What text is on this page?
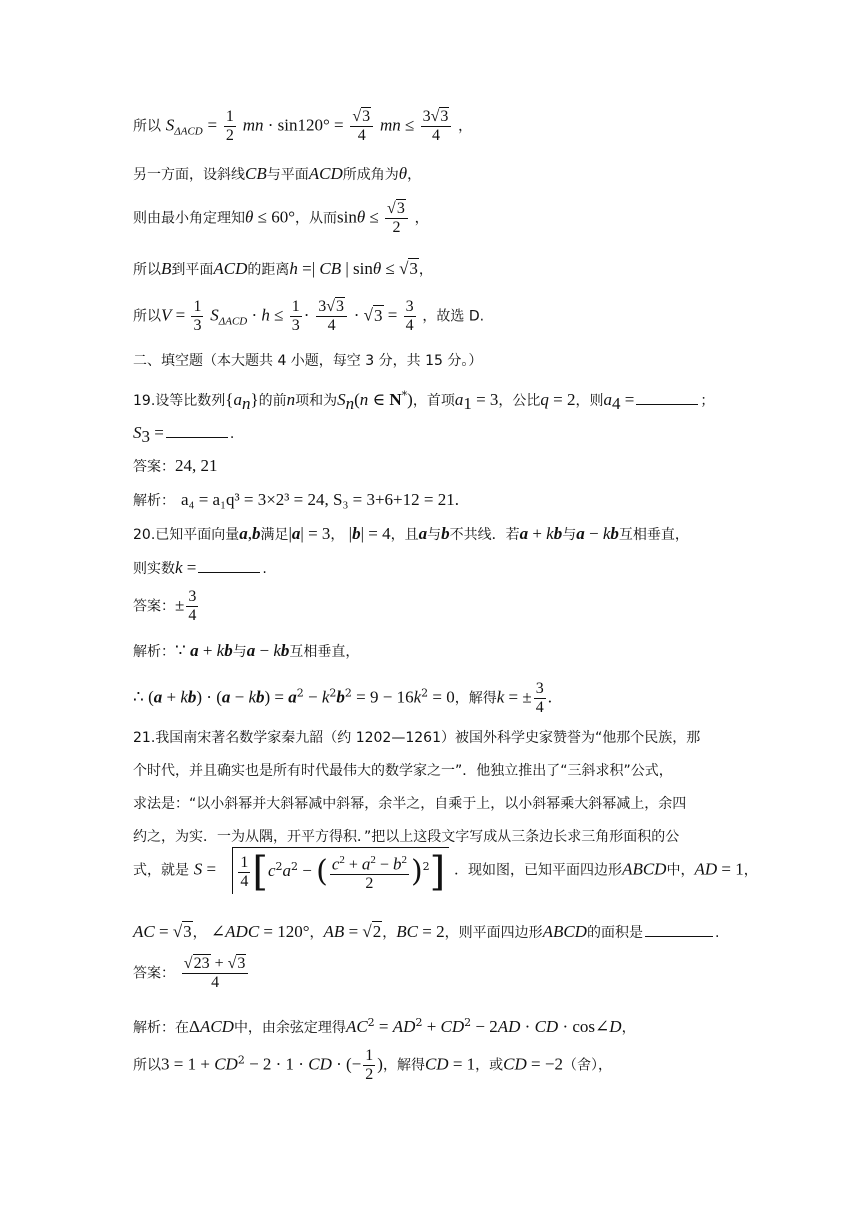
所以 $S_{\Delta ACD} = \frac{1}{2}$ mn · $\sin 120^\circ = \frac{√3}{4}$ mn ≤ $\frac{3√3}{4}$ ，
另一方面，设斜线CB与平面ACD所成角为θ，
则由最小角定理知θ ≤ 60°，从而$\sin\theta \le \frac{√3}{2}$ ，
所以B到平面ACD的距离h =| CB | sinθ ≤ √3，
所以$V = \frac{1}{3} S_{\Delta ACD} \cdot h \le \frac{1}{3} \cdot \frac{3√3}{4} \cdot √3 = \frac{3}{4}$ ，故选 D.
二、填空题（本大题共 4 小题，每空 3 分，共 15 分。）
19.设等比数列$\{a_n\}$的前n项和为$S_n(n$ ∈ N*)，首项$a_1 = 3$，公比q = 2，则$a_4$ =	；
$S_3$ =	.
答案：24, 21
解析： a₄ = a₁q³ = 3×2³ = 24, S₃ = 3+6+12 = 21.
20.已知平面向量a,b满足|a| = 3， |b| = 4，且a与b不共线．若a + kb与a − kb互相垂直，
则实数k =	.
答案：± $\frac{3}{4}$
解析：∵ a + kb与a − kb互相垂直，
∴ $(a + kb) \cdot (a - kb) = a^2 - k^2b^2 = 9 - 16k^2 = 0$，解得k = ± $\frac{3}{4}$ .
21.我国南宋著名数学家秦九韶（约 1202—1261）被国外科学史家赞誉为“他那个民族，那
个时代，并且确实也是所有时代最伟大的数学家之一”．他独立推出了“三斜求积”公式，
求法是：“以小斜幂并大斜幂减中斜幂，余半之，自乘于上，以小斜幂乘大斜幂减上，余四
约之，为实．一为从隅，开平方得积．”把以上这段文字写成从三条边长求三角形面积的公
式，就是 $S = \frac{1}{4} [c^2a^2$ − ( $\frac{c^2 + a^2 - b^2}{2} )^2$] ．现如图，已知平面四边形ABCD中，AD = 1，
AC = √3， ∠ADC = 120°，AB = √2，BC = 2，则平面四边形ABCD的面积是	.
答案： $\frac{√23 + √3}{4}$
解析：在ΔACD中，由余弦定理得$AC^2 = AD^2 + CD^2 - 2AD$ · CD · cos∠D，
所以$3 = 1 + CD^2 - 2 \cdot 1$ · CD · (− $\frac{1}{2}$ )，解得CD = 1，或CD = −2（舍），
